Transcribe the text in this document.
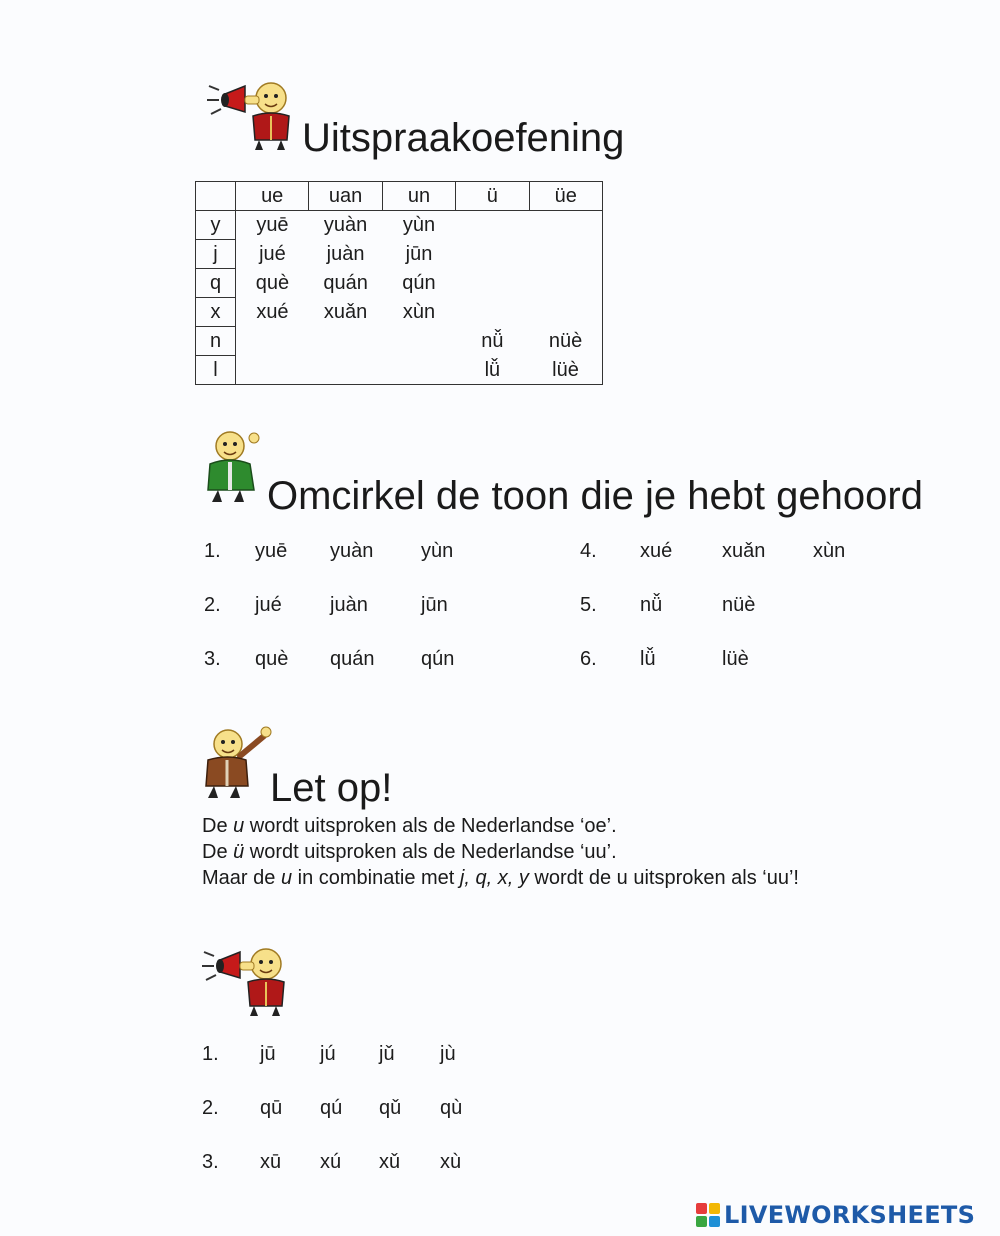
Uitspraakoefening
	ue	uan	un	ü	üe
y	yuē	yuàn	yùn		
j	jué	juàn	jūn		
q	què	quán	qún		
x	xué	xuǎn	xùn		
n				nǚ	nüè
l				lǚ	lüè
Omcirkel de toon die je hebt gehoord
1. yuē yuàn yùn
2. jué juàn	jūn
3. què quán qún
4. xué xuǎn xùn
5. nǚ	nüè
6. lǚ	lüè
Let op!
De u wordt uitsproken als de Nederlandse ‘oe’.
De ü wordt uitsproken als de Nederlandse ‘uu’.
Maar de u in combinatie met j, q, x, y wordt de u uitsproken als ‘uu’!
1. jū jú jǔ jù
2. qū qú qǔ qù
3. xū xú xǔ xù
LIVEWORKSHEETS
